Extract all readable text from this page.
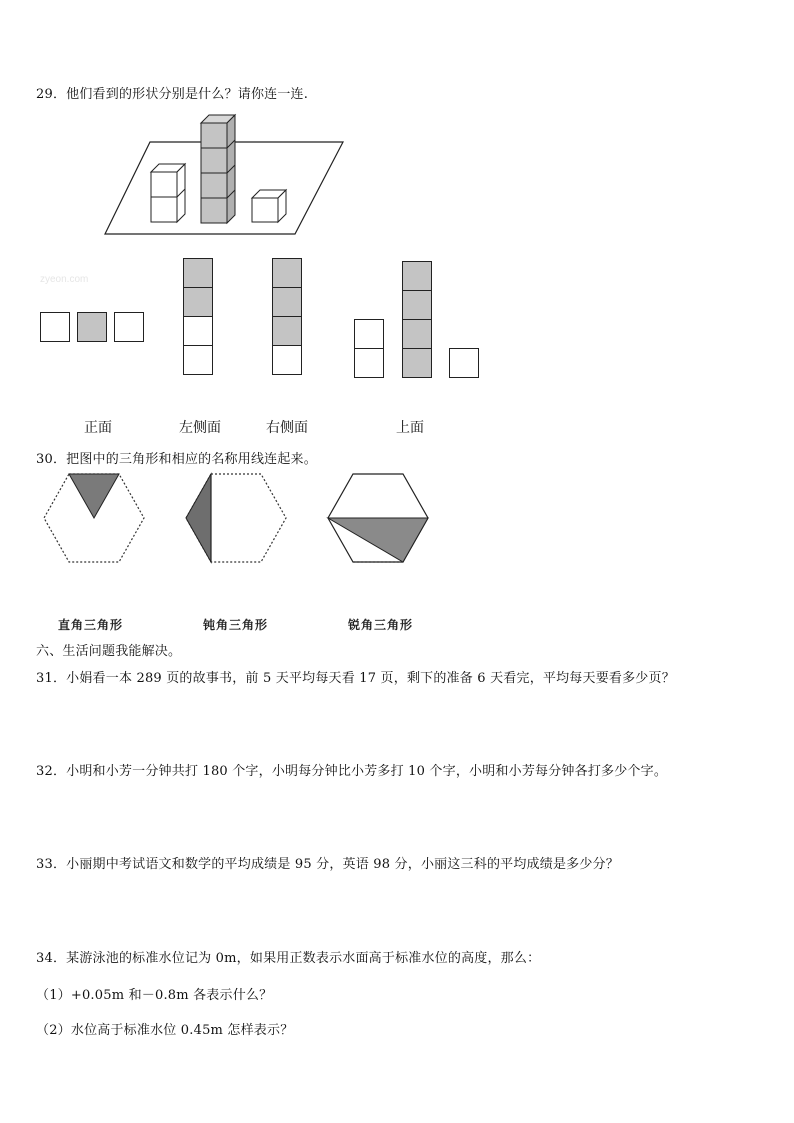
29．他们看到的形状分别是什么？请你连一连.
zyeon.com
正面	左侧面	右侧面	上面
30．把图中的三角形和相应的名称用线连起来。
直角三角形	钝角三角形	锐角三角形
六、生活问题我能解决。
31．小娟看一本 289 页的故事书，前 5 天平均每天看 17 页，剩下的准备 6 天看完，平均每天要看多少页？
32．小明和小芳一分钟共打 180 个字，小明每分钟比小芳多打 10 个字，小明和小芳每分钟各打多少个字。
33．小丽期中考试语文和数学的平均成绩是 95 分，英语 98 分，小丽这三科的平均成绩是多少分？
34．某游泳池的标准水位记为 0m，如果用正数表示水面高于标准水位的高度，那么：
（1）+0.05m 和－0.8m 各表示什么？
（2）水位高于标准水位 0.45m 怎样表示？
